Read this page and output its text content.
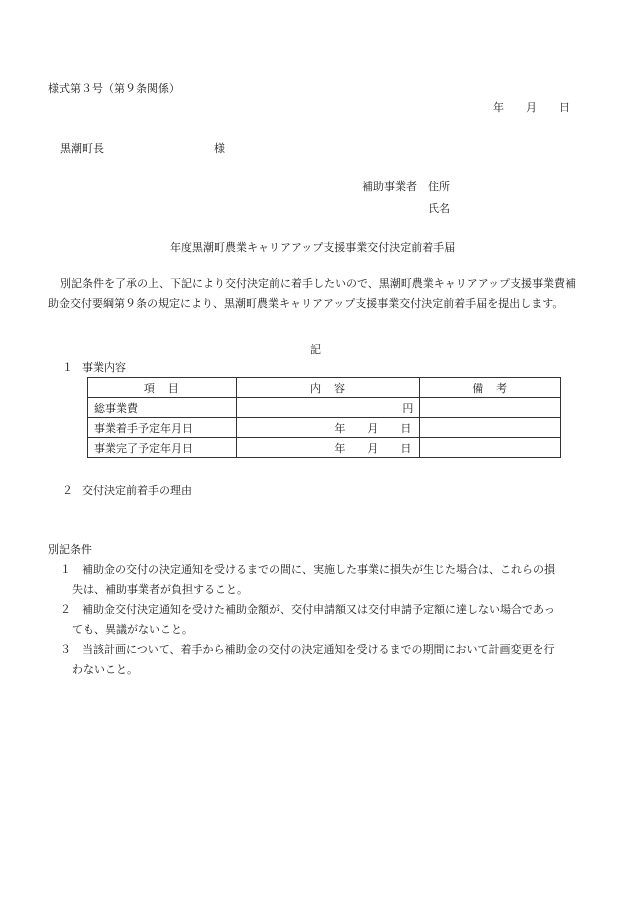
様式第３号（第９条関係）
年　　月　　日
黒潮町長	様
補助事業者 住所
氏名
年度黒潮町農業キャリアアップ支援事業交付決定前着手届
別記条件を了承の上、下記により交付決定前に着手したいので、黒潮町農業キャリアアップ支援事業費補
助金交付要綱第９条の規定により、黒潮町農業キャリアアップ支援事業交付決定前着手届を提出します。
記
１ 事業内容
項　目	内　容	備　考
総事業費	円	
事業着手予定年月日	年　　月　　日	
事業完了予定年月日	年　　月　　日	
２ 交付決定前着手の理由
別記条件
１ 補助金の交付の決定通知を受けるまでの間に、実施した事業に損失が生じた場合は、これらの損
失は、補助事業者が負担すること。
２ 補助金交付決定通知を受けた補助金額が、交付申請額又は交付申請予定額に達しない場合であっ
ても、異議がないこと。
３ 当該計画について、着手から補助金の交付の決定通知を受けるまでの期間において計画変更を行
わないこと。
